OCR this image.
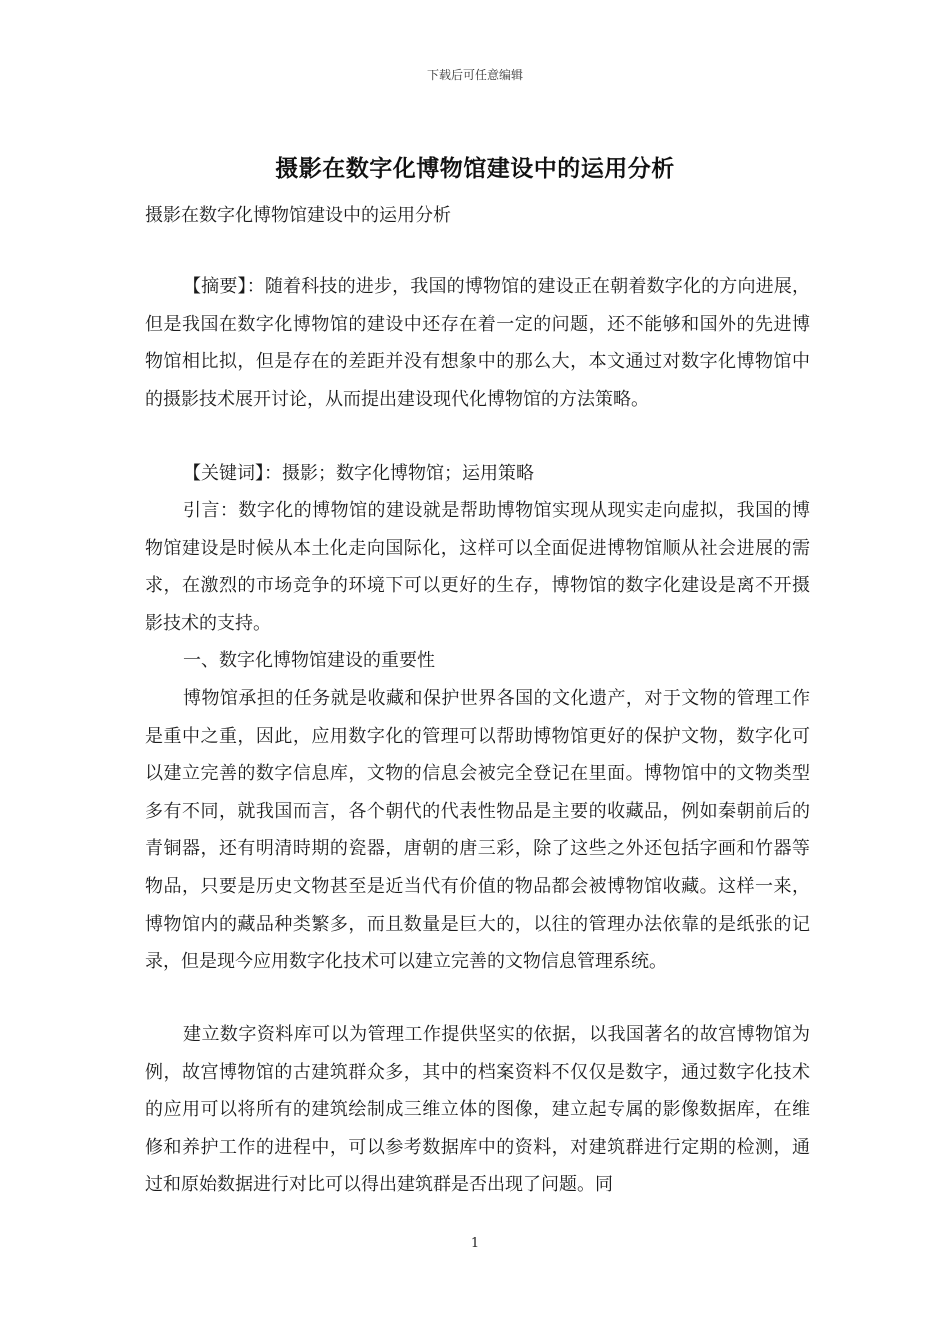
下载后可任意编辑
摄影在数字化博物馆建设中的运用分析
摄影在数字化博物馆建设中的运用分析

【摘要】：随着科技的进步，我国的博物馆的建设正在朝着数字化的方向进展，但是我国在数字化博物馆的建设中还存在着一定的问题，还不能够和国外的先进博物馆相比拟，但是存在的差距并没有想象中的那么大，本文通过对数字化博物馆中的摄影技术展开讨论，从而提出建设现代化博物馆的方法策略。

【关键词】：摄影；数字化博物馆；运用策略

引言：数字化的博物馆的建设就是帮助博物馆实现从现实走向虚拟，我国的博物馆建设是时候从本土化走向国际化，这样可以全面促进博物馆顺从社会进展的需求，在激烈的市场竞争的环境下可以更好的生存，博物馆的数字化建设是离不开摄影技术的支持。

一、数字化博物馆建设的重要性

博物馆承担的任务就是收藏和保护世界各国的文化遗产，对于文物的管理工作是重中之重，因此，应用数字化的管理可以帮助博物馆更好的保护文物，数字化可以建立完善的数字信息库，文物的信息会被完全登记在里面。博物馆中的文物类型多有不同，就我国而言，各个朝代的代表性物品是主要的收藏品，例如秦朝前后的青铜器，还有明清時期的瓷器，唐朝的唐三彩，除了这些之外还包括字画和竹器等物品，只要是历史文物甚至是近当代有价值的物品都会被博物馆收藏。这样一来，博物馆内的藏品种类繁多，而且数量是巨大的，以往的管理办法依靠的是纸张的记录，但是现今应用数字化技术可以建立完善的文物信息管理系统。

建立数字资料库可以为管理工作提供坚实的依据，以我国著名的故宫博物馆为例，故宫博物馆的古建筑群众多，其中的档案资料不仅仅是数字，通过数字化技术的应用可以将所有的建筑绘制成三维立体的图像，建立起专属的影像数据库，在维修和养护工作的进程中，可以参考数据库中的资料，对建筑群进行定期的检测，通过和原始数据进行对比可以得出建筑群是否出现了问题。同

1
